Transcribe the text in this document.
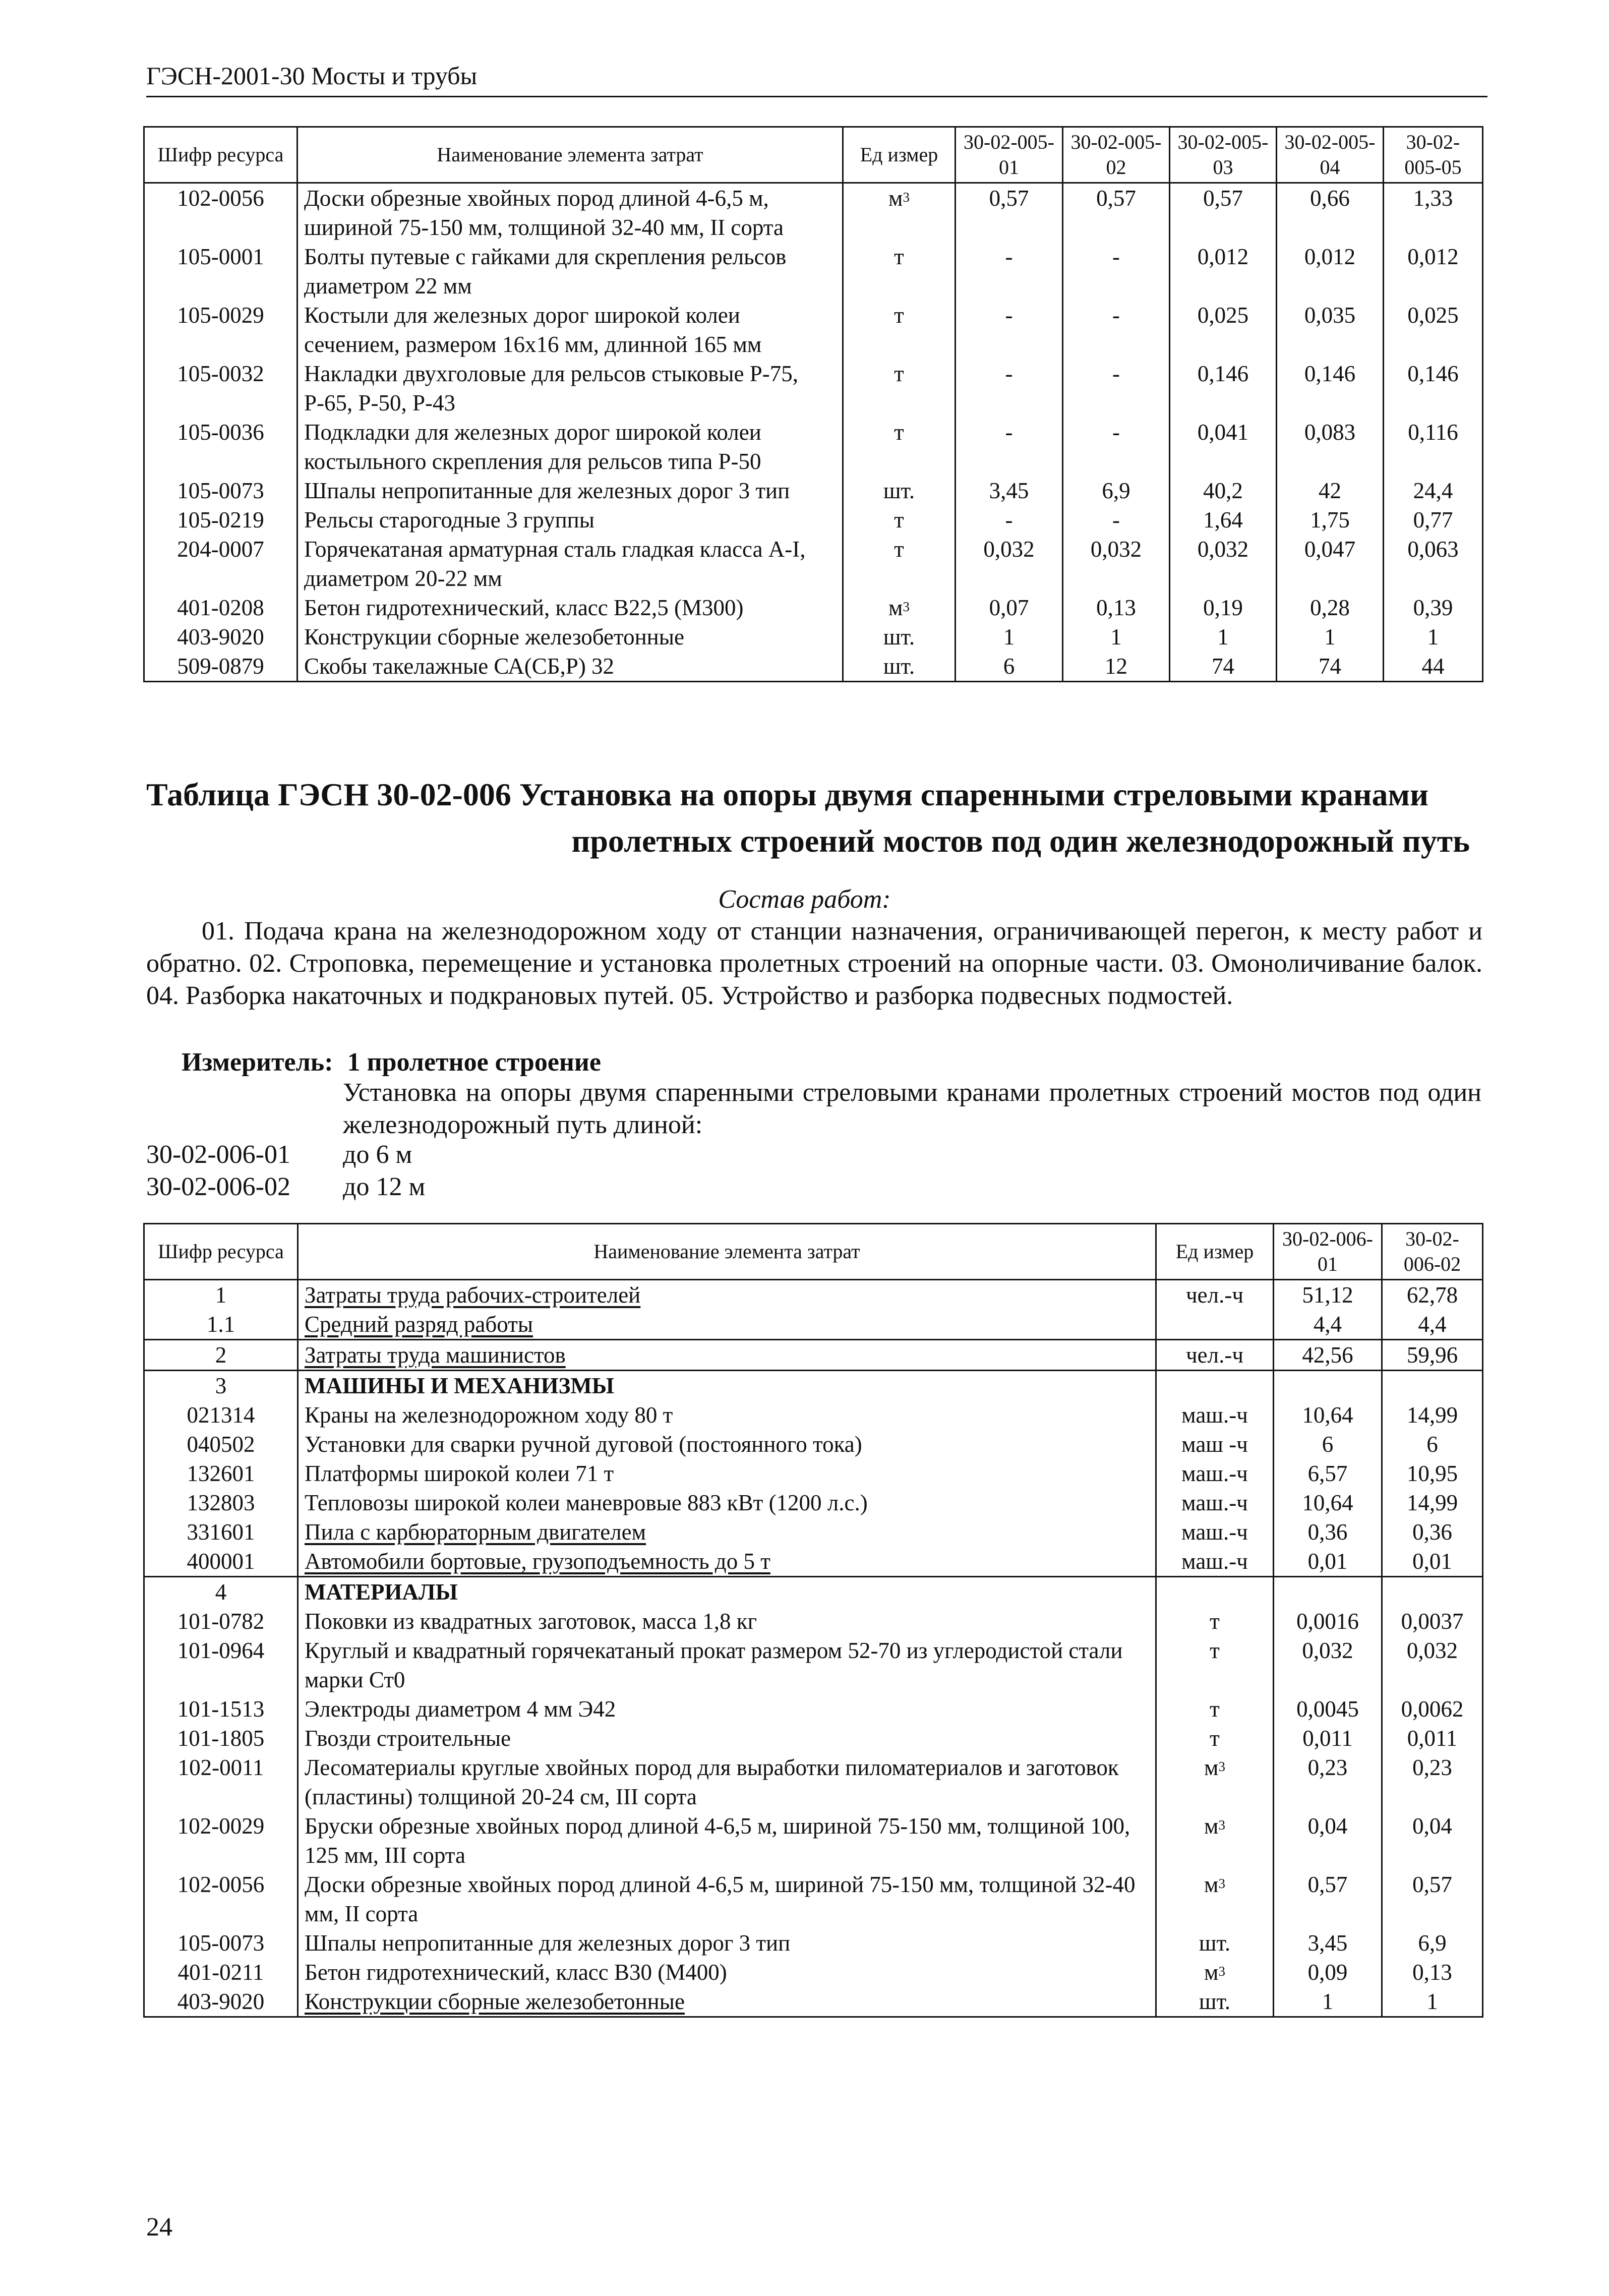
ГЭСН-2001-30 Мосты и трубы
Шифр ресурса	Наименование элемента затрат	Ед измер	30-02-005-01	30-02-005-02	30-02-005-03	30-02-005-04	30-02-005-05
102-0056	Доски обрезные хвойных пород длиной 4-6,5 м, шириной 75-150 мм, толщиной 32-40 мм, II сорта	$м^3$	0,57	0,57	0,57	0,66	1,33
105-0001	Болты путевые с гайками для скрепления рельсов диаметром 22 мм	т	-	-	0,012	0,012	0,012
105-0029	Костыли для железных дорог широкой колеи сечением, размером 16х16 мм, длинной 165 мм	т	-	-	0,025	0,035	0,025
105-0032	Накладки двухголовые для рельсов стыковые Р-75, Р-65, Р-50, Р-43	т	-	-	0,146	0,146	0,146
105-0036	Подкладки для железных дорог широкой колеи костыльного скрепления для рельсов типа Р-50	т	-	-	0,041	0,083	0,116
105-0073	Шпалы непропитанные для железных дорог 3 тип	шт.	3,45	6,9	40,2	42	24,4
105-0219	Рельсы старогодные 3 группы	т	-	-	1,64	1,75	0,77
204-0007	Горячекатаная арматурная сталь гладкая класса А-I, диаметром 20-22 мм	т	0,032	0,032	0,032	0,047	0,063
401-0208	Бетон гидротехнический, класс В22,5 (М300)	$м^3$	0,07	0,13	0,19	0,28	0,39
403-9020	Конструкции сборные железобетонные	шт.	1	1	1	1	1
509-0879	Скобы такелажные СА(СБ,Р) 32	шт.	6	12	74	74	44
Таблица ГЭСН 30-02-006 Установка на опоры двумя спаренными стреловыми кранами
пролетных строений мостов под один железнодорожный путь
Состав работ:
01. Подача крана на железнодорожном ходу от станции назначения, ограничивающей перегон, к месту работ и обратно. 02. Строповка, перемещение и установка пролетных строений на опорные части. 03. Омоноличивание балок. 04. Разборка накаточных и подкрановых путей. 05. Устройство и разборка подвесных подмостей.
Измеритель: 1 пролетное строение
Установка на опоры двумя спаренными стреловыми кранами пролетных строений мостов под один железнодорожный путь длиной:
30-02-006-01 до 6 м
30-02-006-02 до 12 м
Шифр ресурса	Наименование элемента затрат	Ед измер	30-02-006-01	30-02-006-02
1	Затраты труда рабочих-строителей	чел.-ч	51,12	62,78
1.1	Средний разряд работы		4,4	4,4
2	Затраты труда машинистов	чел.-ч	42,56	59,96
3	МАШИНЫ И МЕХАНИЗМЫ			
021314	Краны на железнодорожном ходу 80 т	маш.-ч	10,64	14,99
040502	Установки для сварки ручной дуговой (постоянного тока)	маш -ч	6	6
132601	Платформы широкой колеи 71 т	маш.-ч	6,57	10,95
132803	Тепловозы широкой колеи маневровые 883 кВт (1200 л.с.)	маш.-ч	10,64	14,99
331601	Пила с карбюраторным двигателем	маш.-ч	0,36	0,36
400001	Автомобили бортовые, грузоподъемность до 5 т	маш.-ч	0,01	0,01
4	МАТЕРИАЛЫ			
101-0782	Поковки из квадратных заготовок, масса 1,8 кг	т	0,0016	0,0037
101-0964	Круглый и квадратный горячекатаный прокат размером 52-70 из углеродистой стали марки Ст0	т	0,032	0,032
101-1513	Электроды диаметром 4 мм Э42	т	0,0045	0,0062
101-1805	Гвозди строительные	т	0,011	0,011
102-0011	Лесоматериалы круглые хвойных пород для выработки пиломатериалов и заготовок (пластины) толщиной 20-24 см, III сорта	$м^3$	0,23	0,23
102-0029	Бруски обрезные хвойных пород длиной 4-6,5 м, шириной 75-150 мм, толщиной 100, 125 мм, III сорта	$м^3$	0,04	0,04
102-0056	Доски обрезные хвойных пород длиной 4-6,5 м, шириной 75-150 мм, толщиной 32-40 мм, II сорта	$м^3$	0,57	0,57
105-0073	Шпалы непропитанные для железных дорог 3 тип	шт.	3,45	6,9
401-0211	Бетон гидротехнический, класс В30 (М400)	$м^3$	0,09	0,13
403-9020	Конструкции сборные железобетонные	шт.	1	1
24
